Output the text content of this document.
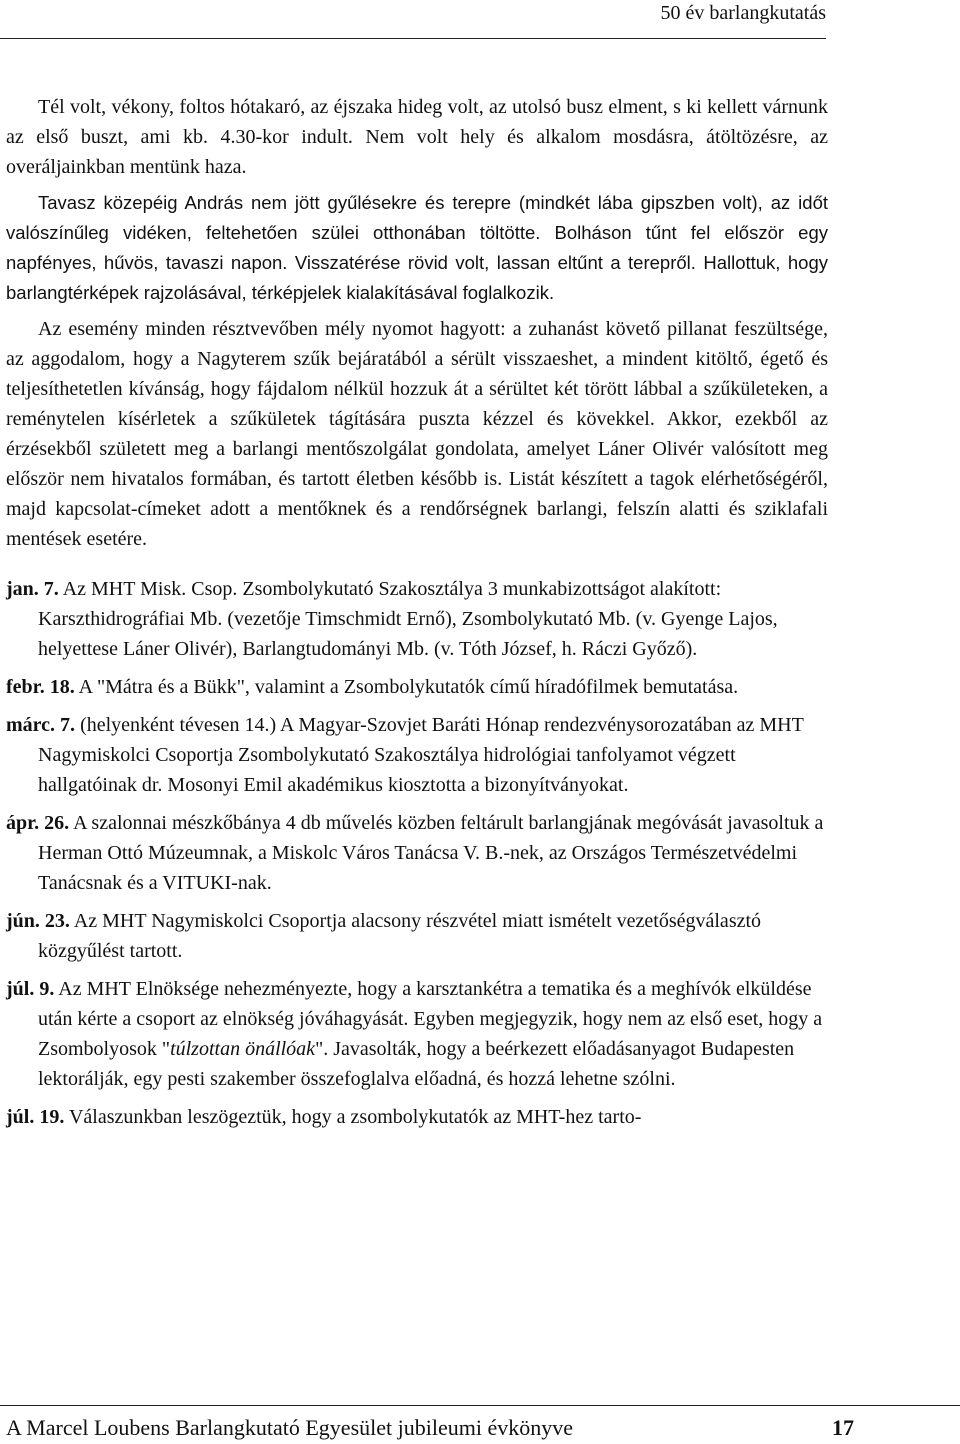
50 év barlangkutatás

Tél volt, vékony, foltos hótakaró, az éjszaka hideg volt, az utolsó busz elment, s ki kellett várnunk az első buszt, ami kb. 4.30-kor indult. Nem volt hely és alkalom mosdásra, átöltözésre, az overáljainkban mentünk haza.

Tavasz közepéig András nem jött gyűlésekre és terepre (mindkét lába gipszben volt), az időt valószínűleg vidéken, feltehetően szülei otthonában töltötte. Bolháson tűnt fel először egy napfényes, hűvös, tavaszi napon. Visszatérése rövid volt, lassan eltűnt a terepről. Hallottuk, hogy barlangtérképek rajzolásával, térképjelek kialakításával foglalkozik.

Az esemény minden résztvevőben mély nyomot hagyott: a zuhanást követő pillanat feszültsége, az aggodalom, hogy a Nagyterem szűk bejáratából a sérült visszaeshet, a mindent kitöltő, égető és teljesíthetetlen kívánság, hogy fájdalom nélkül hozzuk át a sérültet két törött lábbal a szűkületeken, a reménytelen kísérletek a szűkületek tágítására puszta kézzel és kövekkel. Akkor, ezekből az érzésekből született meg a barlangi mentőszolgálat gondolata, amelyet Láner Olivér valósított meg először nem hivatalos formában, és tartott életben később is. Listát készített a tagok elérhetőségéről, majd kapcsolat-címeket adott a mentőknek és a rendőrségnek barlangi, felszín alatti és sziklafali mentések esetére.

jan. 7. Az MHT Misk. Csop. Zsombolykutató Szakosztálya 3 munkabizottságot alakított: Karszthidrográfiai Mb. (vezetője Timschmidt Ernő), Zsombolykutató Mb. (v. Gyenge Lajos, helyettese Láner Olivér), Barlangtudományi Mb. (v. Tóth József, h. Ráczi Győző).

febr. 18. A "Mátra és a Bükk", valamint a Zsombolykutatók című híradófilmek bemutatása.

márc. 7. (helyenként tévesen 14.) A Magyar-Szovjet Baráti Hónap rendezvénysorozatában az MHT Nagymiskolci Csoportja Zsombolykutató Szakosztálya hidrológiai tanfolyamot végzett hallgatóinak dr. Mosonyi Emil akadémikus kiosztotta a bizonyítványokat.

ápr. 26. A szalonnai mészkőbánya 4 db művelés közben feltárult barlangjának megóvását javasoltuk a Herman Ottó Múzeumnak, a Miskolc Város Tanácsa V. B.-nek, az Országos Természetvédelmi Tanácsnak és a VITUKI-nak.

jún. 23. Az MHT Nagymiskolci Csoportja alacsony részvétel miatt ismételt vezetőségválasztó közgyűlést tartott.

júl. 9. Az MHT Elnöksége nehezményezte, hogy a karsztankétra a tematika és a meghívók elküldése után kérte a csoport az elnökség jóváhagyását. Egyben megjegyzik, hogy nem az első eset, hogy a Zsombolyosok "túlzottan önállóak". Javasolták, hogy a beérkezett előadásanyagot Budapesten lektorálják, egy pesti szakember összefoglalva előadná, és hozzá lehetne szólni.

júl. 19. Válaszunkban leszögeztük, hogy a zsombolykutatók az MHT-hez tarto-

A Marcel Loubens Barlangkutató Egyesület jubileumi évkönyve	17
